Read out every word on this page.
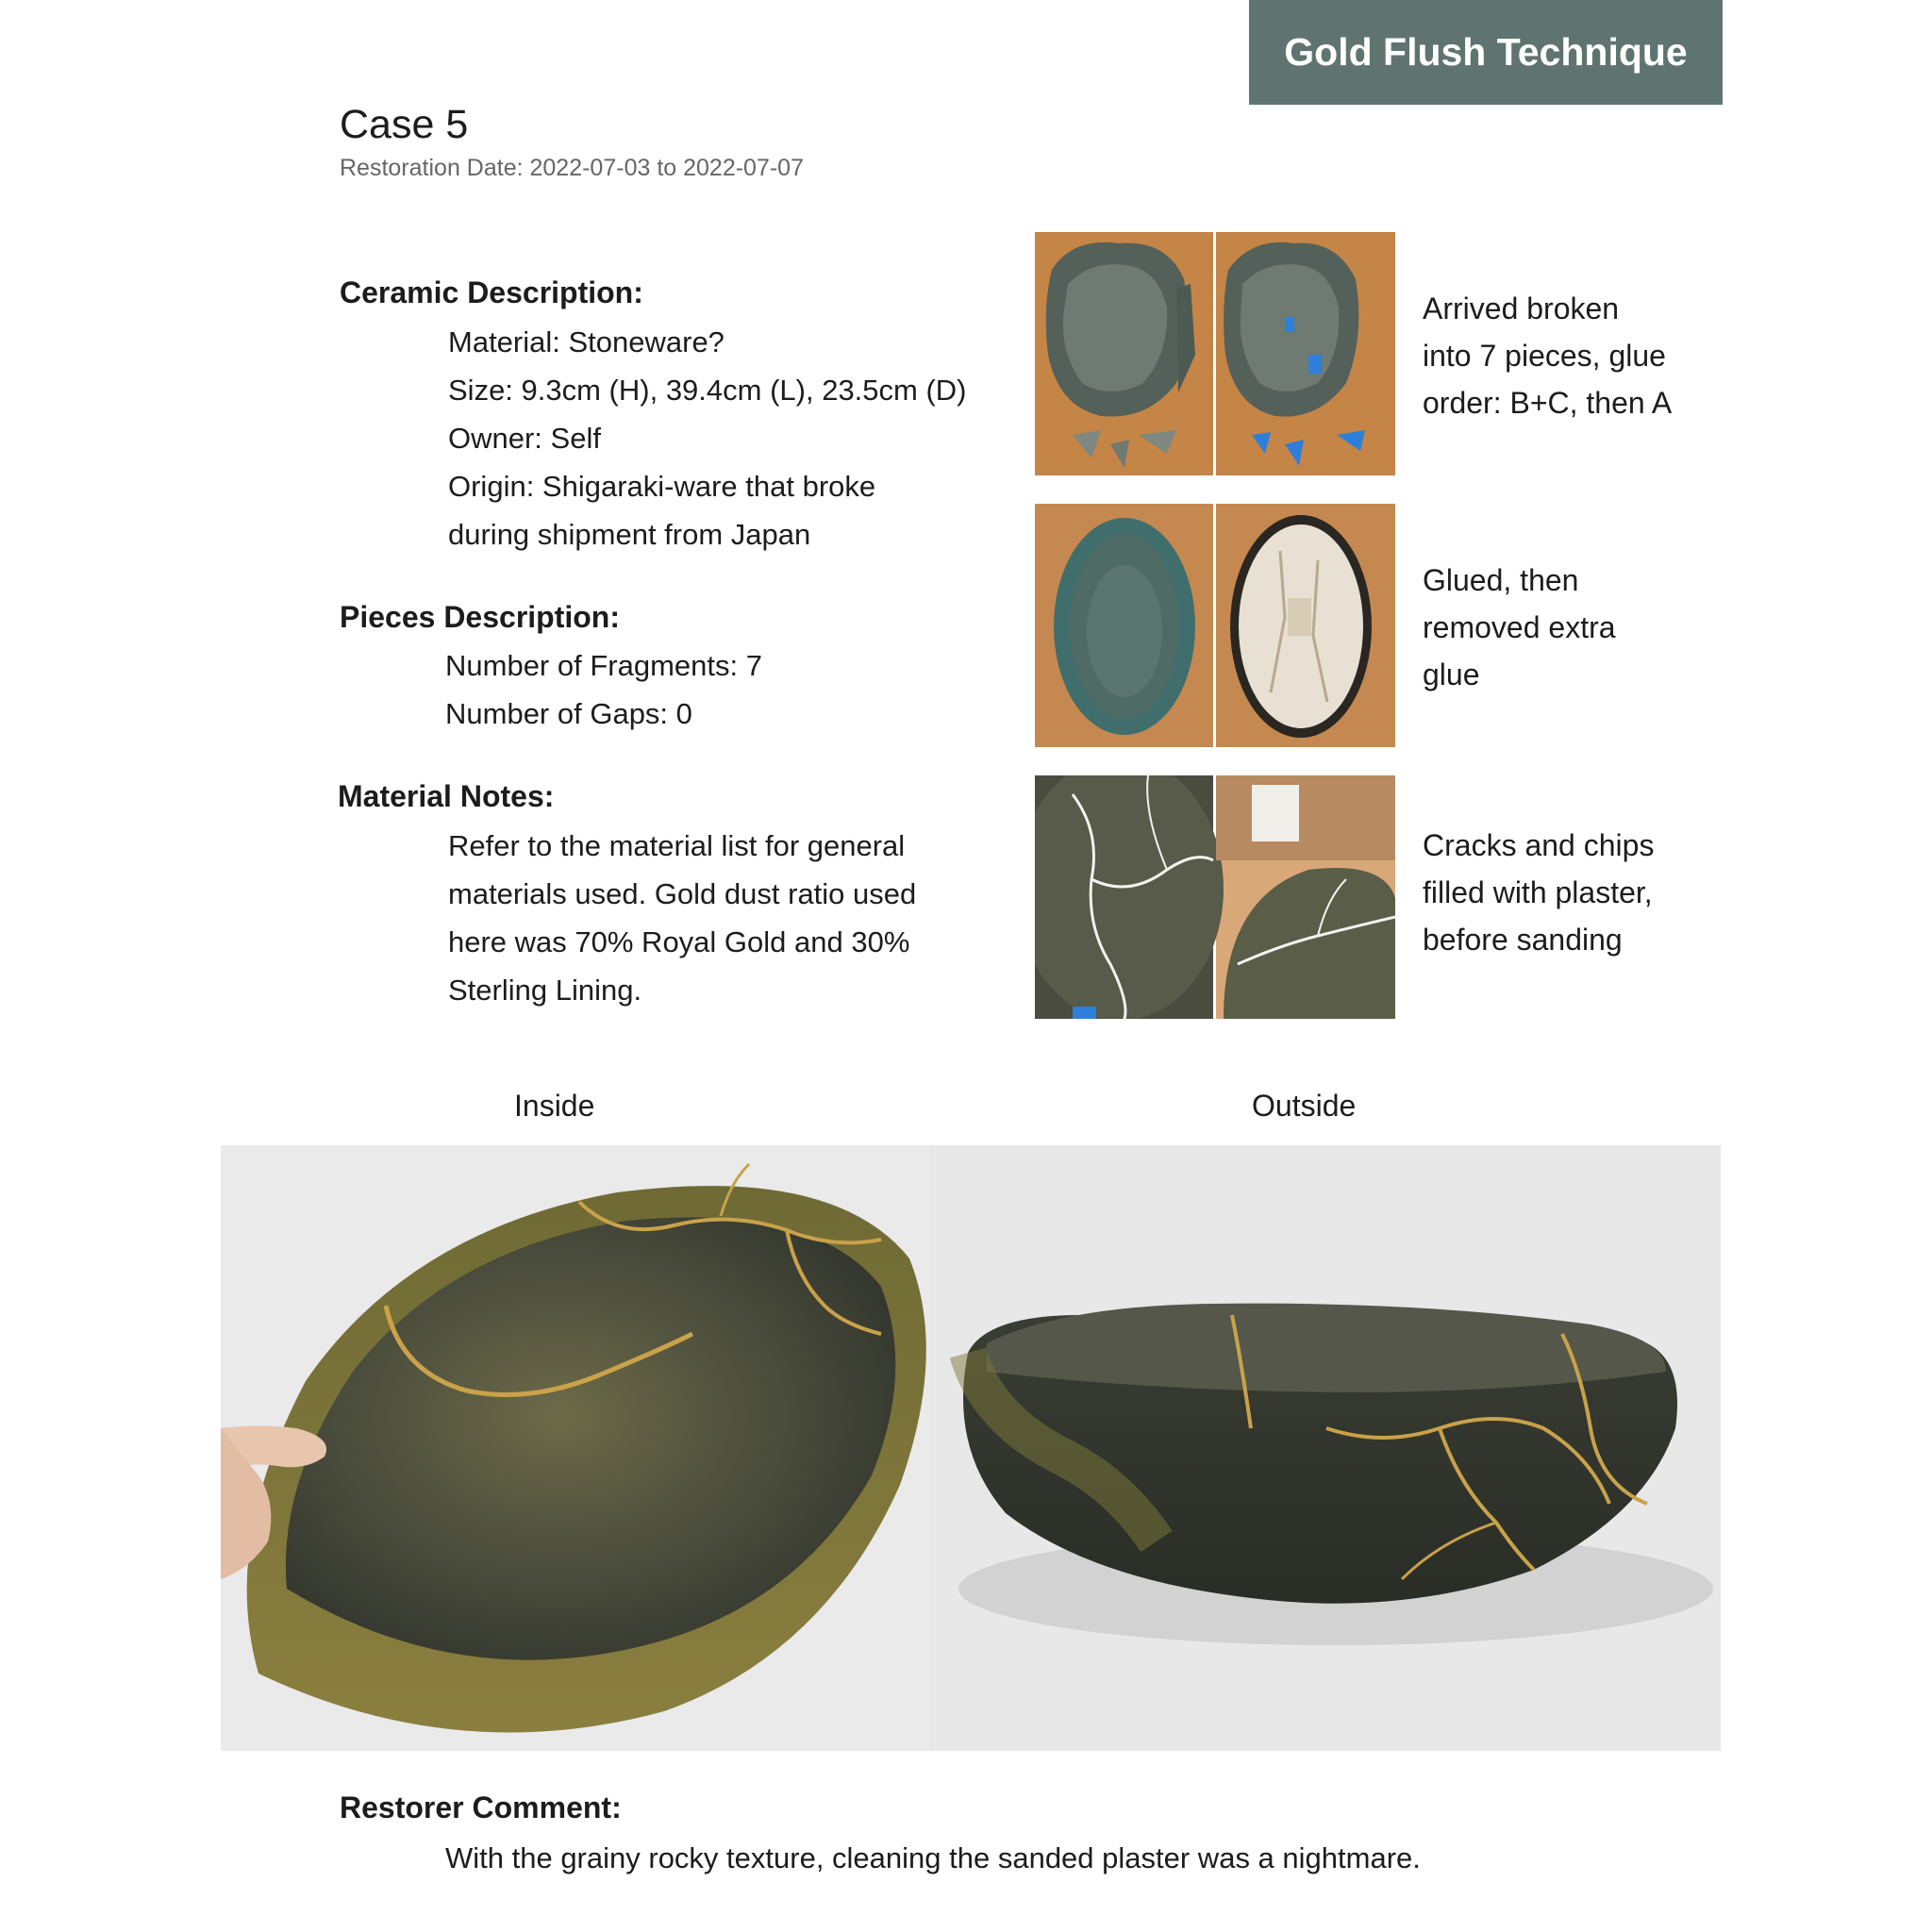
Gold Flush Technique
Case 5
Restoration Date: 2022-07-03 to 2022-07-07
Ceramic Description:
Material: Stoneware?
Size: 9.3cm (H), 39.4cm (L), 23.5cm (D)
Owner: Self
Origin: Shigaraki-ware that broke
during shipment from Japan
Pieces Description:
Number of Fragments: 7
Number of Gaps: 0
Material Notes:
Refer to the material list for general
materials used. Gold dust ratio used
here was 70% Royal Gold and 30%
Sterling Lining.
Arrived broken
into 7 pieces, glue
order: B+C, then A
Glued, then
removed extra
glue
Cracks and chips
filled with plaster,
before sanding
Inside	Outside
Restorer Comment:
With the grainy rocky texture, cleaning the sanded plaster was a nightmare.
